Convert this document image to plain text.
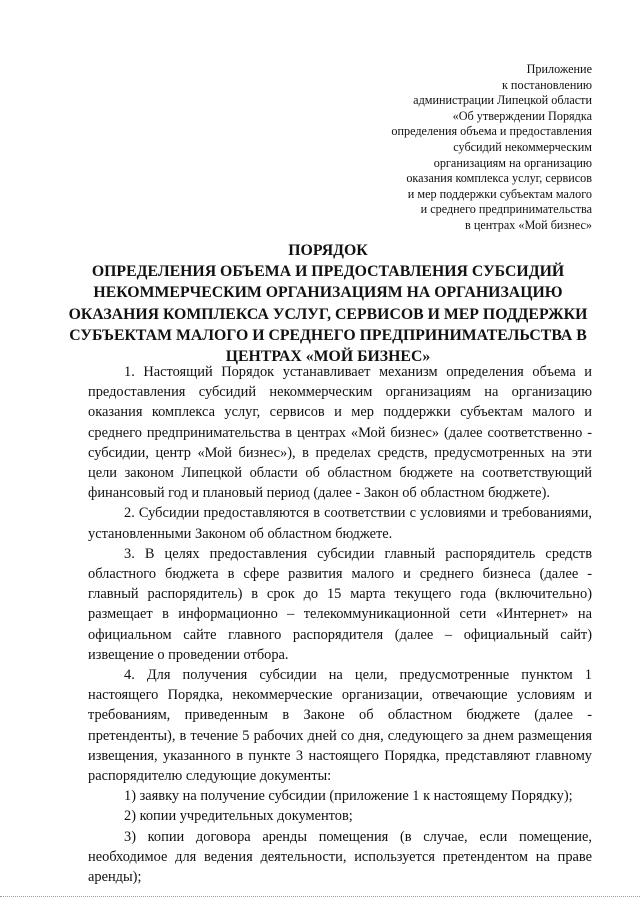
Приложение
к постановлению
администрации Липецкой области
«Об утверждении Порядка
определения объема и предоставления
субсидий некоммерческим
организациям на организацию
оказания комплекса услуг, сервисов
и мер поддержки субъектам малого
и среднего предпринимательства
в центрах «Мой бизнес»
ПОРЯДОК
ОПРЕДЕЛЕНИЯ ОБЪЕМА И ПРЕДОСТАВЛЕНИЯ СУБСИДИЙ
НЕКОММЕРЧЕСКИМ ОРГАНИЗАЦИЯМ НА ОРГАНИЗАЦИЮ
ОКАЗАНИЯ КОМПЛЕКСА УСЛУГ, СЕРВИСОВ И МЕР ПОДДЕРЖКИ
СУБЪЕКТАМ МАЛОГО И СРЕДНЕГО ПРЕДПРИНИМАТЕЛЬСТВА В
ЦЕНТРАХ «МОЙ БИЗНЕС»

1. Настоящий Порядок устанавливает механизм определения объема и предоставления субсидий некоммерческим организациям на организацию оказания комплекса услуг, сервисов и мер поддержки субъектам малого и среднего предпринимательства в центрах «Мой бизнес» (далее соответственно - субсидии, центр «Мой бизнес»), в пределах средств, предусмотренных на эти цели законом Липецкой области об областном бюджете на соответствующий финансовый год и плановый период (далее - Закон об областном бюджете).

2. Субсидии предоставляются в соответствии с условиями и требованиями, установленными Законом об областном бюджете.

3. В целях предоставления субсидии главный распорядитель средств областного бюджета в сфере развития малого и среднего бизнеса (далее - главный распорядитель) в срок до 15 марта текущего года (включительно) размещает в информационно – телекоммуникационной сети «Интернет» на официальном сайте главного распорядителя (далее – официальный сайт) извещение о проведении отбора.

4. Для получения субсидии на цели, предусмотренные пунктом 1 настоящего Порядка, некоммерческие организации, отвечающие условиям и требованиям, приведенным в Законе об областном бюджете (далее - претенденты), в течение 5 рабочих дней со дня, следующего за днем размещения извещения, указанного в пункте 3 настоящего Порядка, представляют главному распорядителю следующие документы:

1) заявку на получение субсидии (приложение 1 к настоящему Порядку);

2) копии учредительных документов;

3) копии договора аренды помещения (в случае, если помещение, необходимое для ведения деятельности, используется претендентом на праве аренды);
